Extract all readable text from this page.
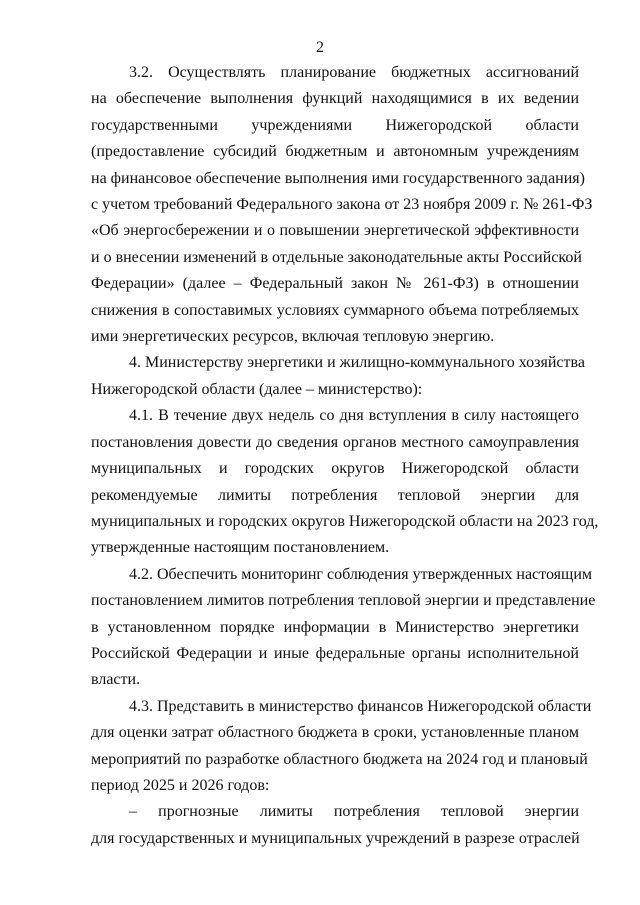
2
3.2. Осуществлять планирование бюджетных ассигнований
на обеспечение выполнения функций находящимися в их ведении
государственными учреждениями Нижегородской области
(предоставление субсидий бюджетным и автономным учреждениям
на финансовое обеспечение выполнения ими государственного задания)
с учетом требований Федерального закона от 23 ноября 2009 г. № 261-ФЗ
«Об энергосбережении и о повышении энергетической эффективности
и о внесении изменений в отдельные законодательные акты Российской
Федерации» (далее – Федеральный закон № 261-ФЗ) в отношении
снижения в сопоставимых условиях суммарного объема потребляемых
ими энергетических ресурсов, включая тепловую энергию.
4. Министерству энергетики и жилищно-коммунального хозяйства
Нижегородской области (далее – министерство):
4.1. В течение двух недель со дня вступления в силу настоящего
постановления довести до сведения органов местного самоуправления
муниципальных и городских округов Нижегородской области
рекомендуемые лимиты потребления тепловой энергии для
муниципальных и городских округов Нижегородской области на 2023 год,
утвержденные настоящим постановлением.
4.2. Обеспечить мониторинг соблюдения утвержденных настоящим
постановлением лимитов потребления тепловой энергии и представление
в установленном порядке информации в Министерство энергетики
Российской Федерации и иные федеральные органы исполнительной
власти.
4.3. Представить в министерство финансов Нижегородской области
для оценки затрат областного бюджета в сроки, установленные планом
мероприятий по разработке областного бюджета на 2024 год и плановый
период 2025 и 2026 годов:
– прогнозные лимиты потребления тепловой энергии
для государственных и муниципальных учреждений в разрезе отраслей
